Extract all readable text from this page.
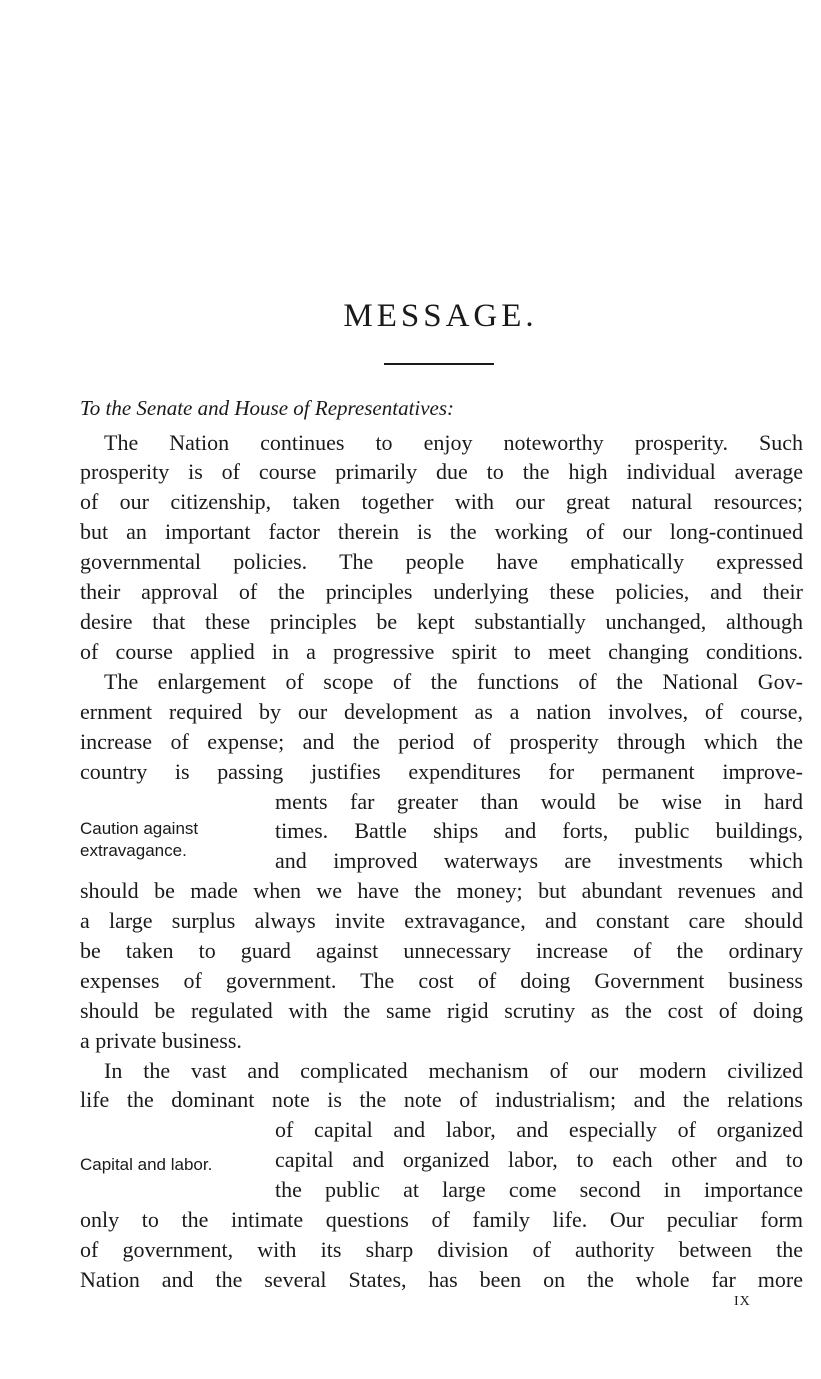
MESSAGE.
To the Senate and House of Representatives:
The Nation continues to enjoy noteworthy prosperity. Such
prosperity is of course primarily due to the high individual average
of our citizenship, taken together with our great natural resources;
but an important factor therein is the working of our long-continued
governmental policies. The people have emphatically expressed
their approval of the principles underlying these policies, and their
desire that these principles be kept substantially unchanged, although
of course applied in a progressive spirit to meet changing conditions.
The enlargement of scope of the functions of the National Gov-
ernment required by our development as a nation involves, of course,
increase of expense; and the period of prosperity through which the
country is passing justifies expenditures for permanent improve-
ments far greater than would be wise in hard
times. Battle ships and forts, public buildings,
and improved waterways are investments which
should be made when we have the money; but abundant revenues and
a large surplus always invite extravagance, and constant care should
be taken to guard against unnecessary increase of the ordinary
expenses of government. The cost of doing Government business
should be regulated with the same rigid scrutiny as the cost of doing
a private business.
In the vast and complicated mechanism of our modern civilized
life the dominant note is the note of industrialism; and the relations
of capital and labor, and especially of organized
capital and organized labor, to each other and to
the public at large come second in importance
only to the intimate questions of family life. Our peculiar form
of government, with its sharp division of authority between the
Nation and the several States, has been on the whole far more
Caution against
extravagance.
Capital and labor.
IX
